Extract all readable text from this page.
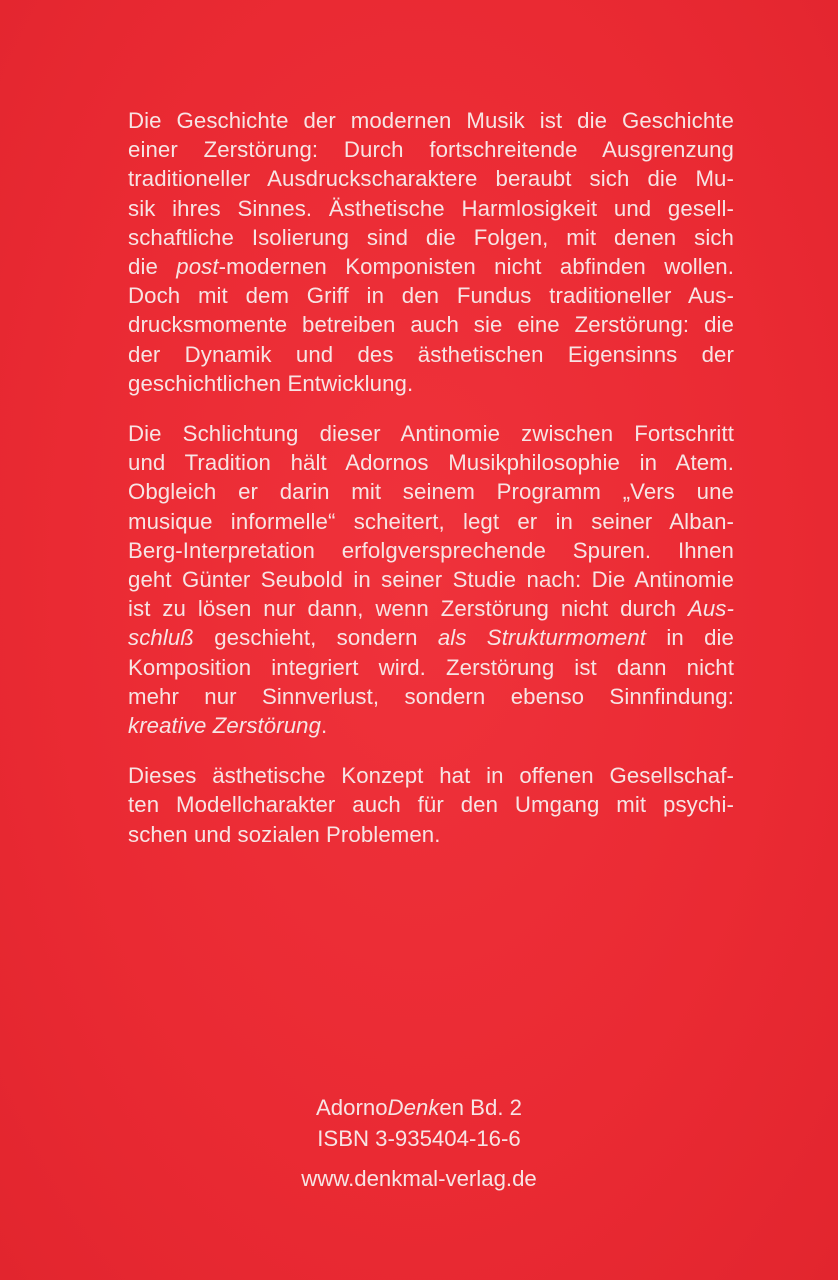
Die Geschichte der modernen Musik ist die Geschichte
einer Zerstörung: Durch fortschreitende Ausgrenzung
traditioneller Ausdruckscharaktere beraubt sich die Mu-
sik ihres Sinnes. Ästhetische Harmlosigkeit und gesell-
schaftliche Isolierung sind die Folgen, mit denen sich
die post-modernen Komponisten nicht abfinden wollen.
Doch mit dem Griff in den Fundus traditioneller Aus-
drucksmomente betreiben auch sie eine Zerstörung: die
der Dynamik und des ästhetischen Eigensinns der
geschichtlichen Entwicklung.

Die Schlichtung dieser Antinomie zwischen Fortschritt
und Tradition hält Adornos Musikphilosophie in Atem.
Obgleich er darin mit seinem Programm „Vers une
musique informelle“ scheitert, legt er in seiner Alban-
Berg-Interpretation erfolgversprechende Spuren. Ihnen
geht Günter Seubold in seiner Studie nach: Die Antinomie
ist zu lösen nur dann, wenn Zerstörung nicht durch Aus-
schluß geschieht, sondern als Strukturmoment in die
Komposition integriert wird. Zerstörung ist dann nicht
mehr nur Sinnverlust, sondern ebenso Sinnfindung:
kreative Zerstörung.

Dieses ästhetische Konzept hat in offenen Gesellschaf-
ten Modellcharakter auch für den Umgang mit psychi-
schen und sozialen Problemen.

AdornoDenken Bd. 2
ISBN 3-935404-16-6
www.denkmal-verlag.de
